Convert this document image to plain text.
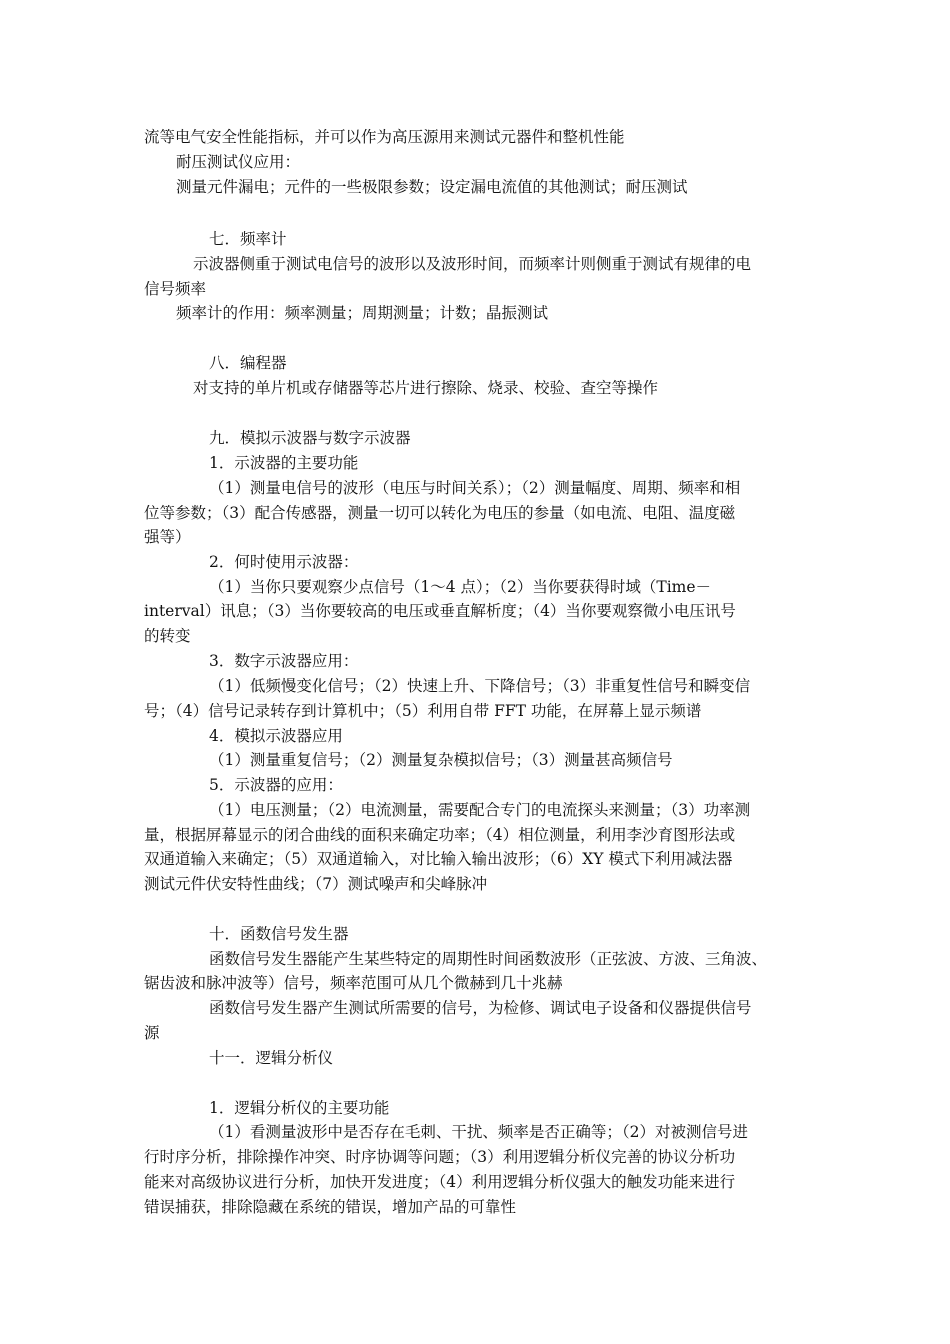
流等电气安全性能指标，并可以作为高压源用来测试元器件和整机性能
耐压测试仪应用：
测量元件漏电；元件的一些极限参数；设定漏电流值的其他测试；耐压测试
七．频率计
示波器侧重于测试电信号的波形以及波形时间，而频率计则侧重于测试有规律的电
信号频率
频率计的作用：频率测量；周期测量；计数；晶振测试
八．编程器
对支持的单片机或存储器等芯片进行擦除、烧录、校验、查空等操作
九．模拟示波器与数字示波器
1．示波器的主要功能
（1）测量电信号的波形（电压与时间关系）；（2）测量幅度、周期、频率和相
位等参数；（3）配合传感器，测量一切可以转化为电压的参量（如电流、电阻、温度磁
强等）
2．何时使用示波器：
（1）当你只要观察少点信号（1～4 点）；（2）当你要获得时域（Time－
interval）讯息；（3）当你要较高的电压或垂直解析度；（4）当你要观察微小电压讯号
的转变
3．数字示波器应用：
（1）低频慢变化信号；（2）快速上升、下降信号；（3）非重复性信号和瞬变信
号；（4）信号记录转存到计算机中；（5）利用自带 FFT 功能，在屏幕上显示频谱
4．模拟示波器应用
（1）测量重复信号；（2）测量复杂模拟信号；（3）测量甚高频信号
5．示波器的应用：
（1）电压测量；（2）电流测量，需要配合专门的电流探头来测量；（3）功率测
量，根据屏幕显示的闭合曲线的面积来确定功率；（4）相位测量，利用李沙育图形法或
双通道输入来确定；（5）双通道输入，对比输入输出波形；（6）XY 模式下利用减法器
测试元件伏安特性曲线；（7）测试噪声和尖峰脉冲
十．函数信号发生器
函数信号发生器能产生某些特定的周期性时间函数波形（正弦波、方波、三角波、
锯齿波和脉冲波等）信号，频率范围可从几个微赫到几十兆赫
函数信号发生器产生测试所需要的信号，为检修、调试电子设备和仪器提供信号
源
十一．逻辑分析仪
1．逻辑分析仪的主要功能
（1）看测量波形中是否存在毛刺、干扰、频率是否正确等；（2）对被测信号进
行时序分析，排除操作冲突、时序协调等问题；（3）利用逻辑分析仪完善的协议分析功
能来对高级协议进行分析，加快开发进度；（4）利用逻辑分析仪强大的触发功能来进行
错误捕获，排除隐藏在系统的错误，增加产品的可靠性
